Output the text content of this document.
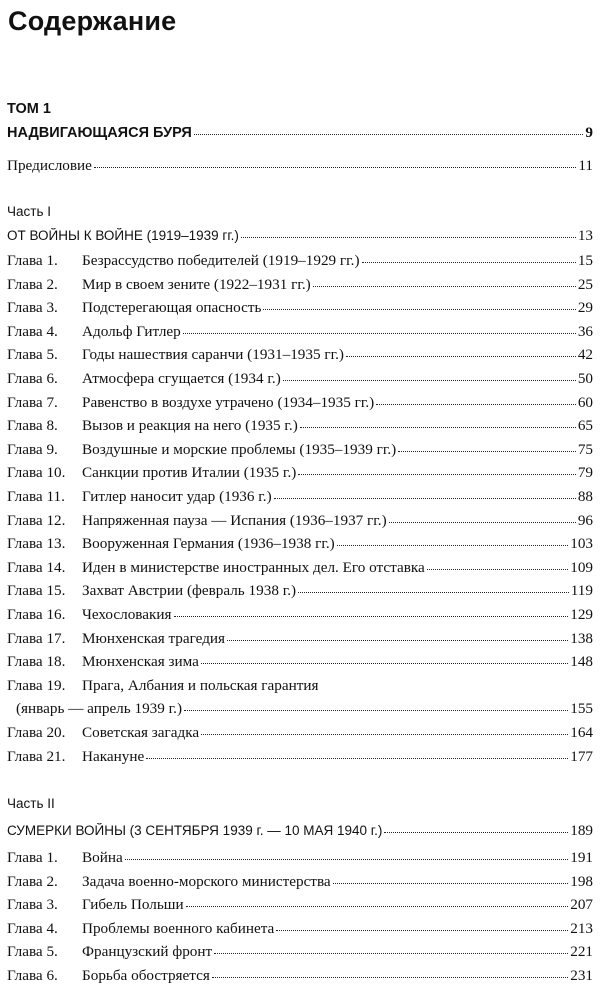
Содержание
ТОМ 1
НАДВИГАЮЩАЯСЯ БУРЯ	9
Предисловие	11
Часть I
ОТ ВОЙНЫ К ВОЙНЕ (1919–1939 гг.)	13
Глава 1.	Безрассудство победителей (1919–1929 гг.)	15
Глава 2.	Мир в своем зените (1922–1931 гг.)	25
Глава 3.	Подстерегающая опасность	29
Глава 4.	Адольф Гитлер	36
Глава 5.	Годы нашествия саранчи (1931–1935 гг.)	42
Глава 6.	Атмосфера сгущается (1934 г.)	50
Глава 7.	Равенство в воздухе утрачено (1934–1935 гг.)	60
Глава 8.	Вызов и реакция на него (1935 г.)	65
Глава 9.	Воздушные и морские проблемы (1935–1939 гг.)	75
Глава 10.	Санкции против Италии (1935 г.)	79
Глава 11.	Гитлер наносит удар (1936 г.)	88
Глава 12.	Напряженная пауза — Испания (1936–1937 гг.)	96
Глава 13.	Вооруженная Германия (1936–1938 гг.)	103
Глава 14.	Иден в министерстве иностранных дел. Его отставка	109
Глава 15.	Захват Австрии (февраль 1938 г.)	119
Глава 16.	Чехословакия	129
Глава 17.	Мюнхенская трагедия	138
Глава 18.	Мюнхенская зима	148
Глава 19.	Прага, Албания и польская гарантия
(январь — апрель 1939 г.)	155
Глава 20.	Советская загадка	164
Глава 21.	Накануне	177
Часть II
СУМЕРКИ ВОЙНЫ (3 СЕНТЯБРЯ 1939 г. — 10 МАЯ 1940 г.)	189
Глава 1.	Война	191
Глава 2.	Задача военно-морского министерства	198
Глава 3.	Гибель Польши	207
Глава 4.	Проблемы военного кабинета	213
Глава 5.	Французский фронт	221
Глава 6.	Борьба обостряется	231
